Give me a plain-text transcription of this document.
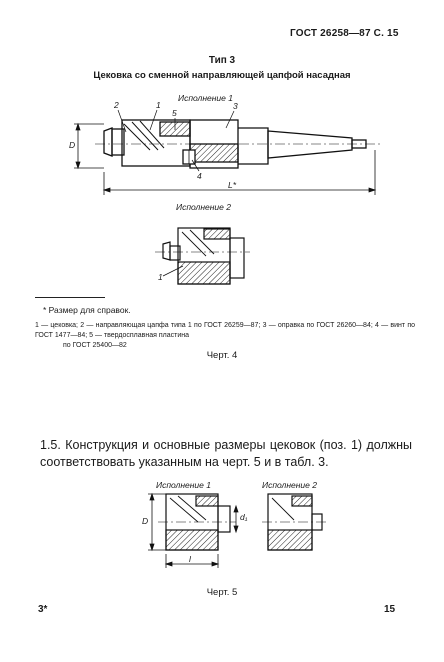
ГОСТ 26258—87 С. 15
Тип 3
Цековка со сменной направляющей цапфой насадная
Исполнение 1
2	1	3
5
4
D
L*
Исполнение 2
1
* Размер для справок.
1 — цековка; 2 — направляющая цапфа типа 1 по ГОСТ 26259—87; 3 — оправка по ГОСТ 26260—84; 4 — винт по ГОСТ 1477—84; 5 — твердосплавная пластина
по ГОСТ 25400—82
Черт. 4
1.5. Конструкция и основные размеры цековок (поз. 1) должны соответствовать указанным на черт. 5 и в табл. 3.
Исполнение 1	Исполнение 2
D	d₁
l
Черт. 5
3*	15
